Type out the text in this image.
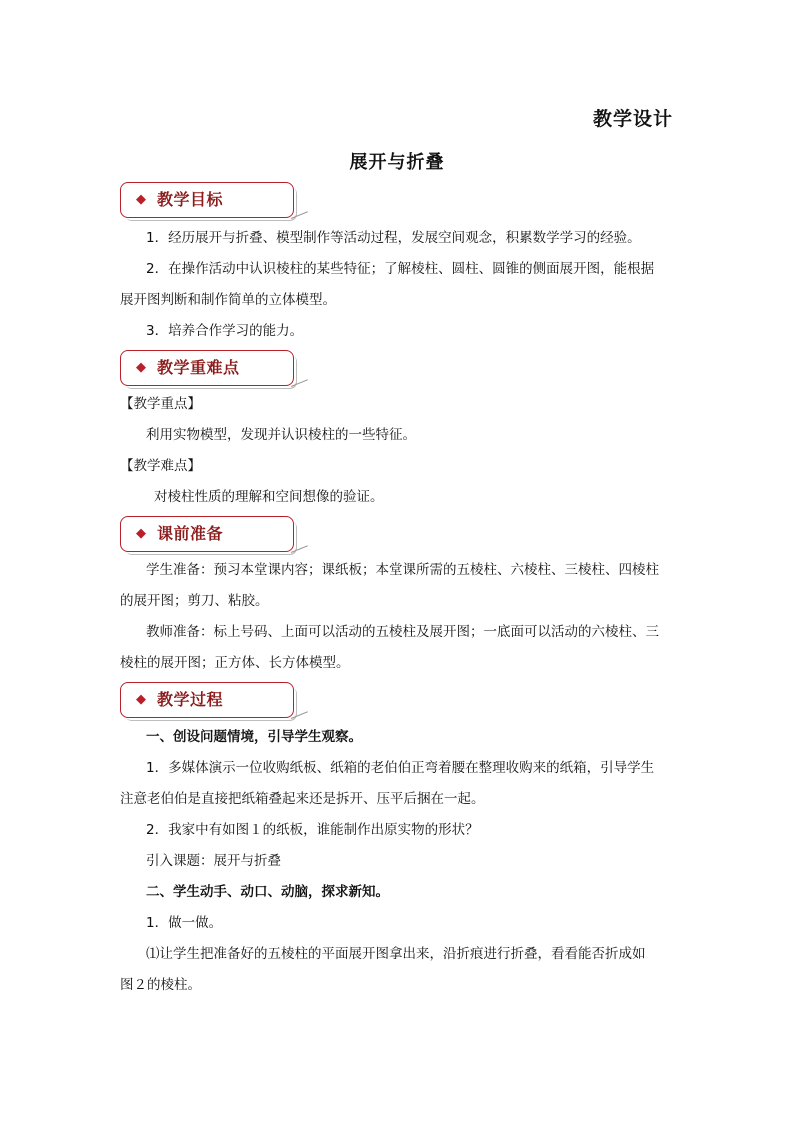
教学设计
展开与折叠
◆ 教学目标
1．经历展开与折叠、模型制作等活动过程，发展空间观念，积累数学学习的经验。
2．在操作活动中认识棱柱的某些特征；了解棱柱、圆柱、圆锥的侧面展开图，能根据
展开图判断和制作简单的立体模型。
3．培养合作学习的能力。
◆ 教学重难点
【教学重点】
利用实物模型，发现并认识棱柱的一些特征。
【教学难点】
对棱柱性质的理解和空间想像的验证。
◆ 课前准备
学生准备：预习本堂课内容；课纸板；本堂课所需的五棱柱、六棱柱、三棱柱、四棱柱
的展开图；剪刀、粘胶。
教师准备：标上号码、上面可以活动的五棱柱及展开图；一底面可以活动的六棱柱、三
棱柱的展开图；正方体、长方体模型。
◆ 教学过程
一、创设问题情境，引导学生观察。
1．多媒体演示一位收购纸板、纸箱的老伯伯正弯着腰在整理收购来的纸箱，引导学生
注意老伯伯是直接把纸箱叠起来还是拆开、压平后捆在一起。
2．我家中有如图１的纸板，谁能制作出原实物的形状？
引入课题：展开与折叠
二、学生动手、动口、动脑，探求新知。
1．做一做。
⑴让学生把准备好的五棱柱的平面展开图拿出来，沿折痕进行折叠，看看能否折成如
图２的棱柱。
